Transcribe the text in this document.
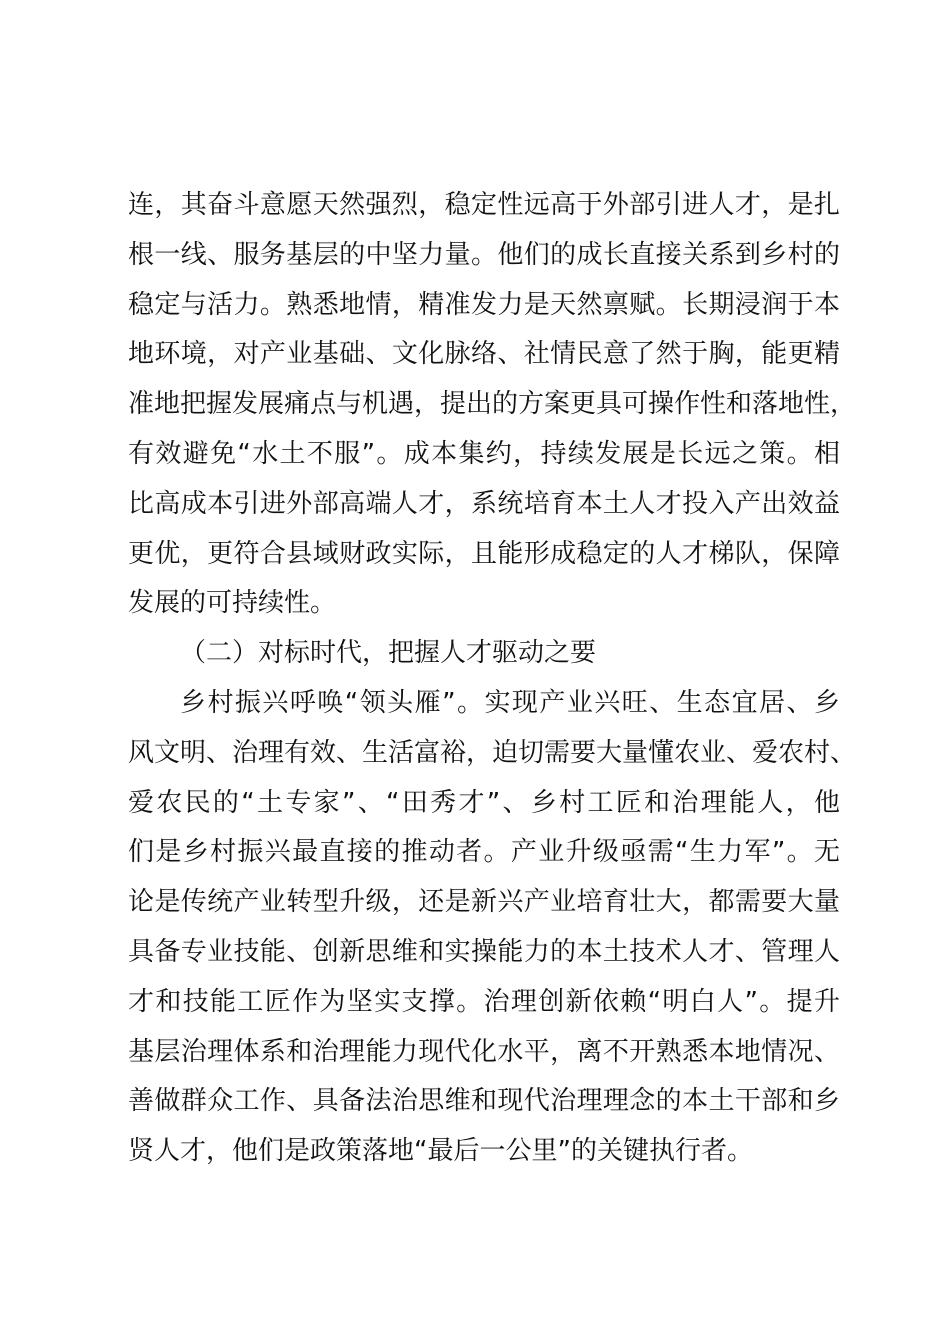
连，其奋斗意愿天然强烈，稳定性远高于外部引进人才，是扎
根一线、服务基层的中坚力量。他们的成长直接关系到乡村的
稳定与活力。熟悉地情，精准发力是天然禀赋。长期浸润于本
地环境，对产业基础、文化脉络、社情民意了然于胸，能更精
准地把握发展痛点与机遇，提出的方案更具可操作性和落地性，
有效避免“水土不服”。成本集约，持续发展是长远之策。相
比高成本引进外部高端人才，系统培育本土人才投入产出效益
更优，更符合县域财政实际，且能形成稳定的人才梯队，保障
发展的可持续性。
（二）对标时代，把握人才驱动之要
乡村振兴呼唤“领头雁”。实现产业兴旺、生态宜居、乡
风文明、治理有效、生活富裕，迫切需要大量懂农业、爱农村、
爱农民的“土专家”、“田秀才”、乡村工匠和治理能人，他
们是乡村振兴最直接的推动者。产业升级亟需“生力军”。无
论是传统产业转型升级，还是新兴产业培育壮大，都需要大量
具备专业技能、创新思维和实操能力的本土技术人才、管理人
才和技能工匠作为坚实支撑。治理创新依赖“明白人”。提升
基层治理体系和治理能力现代化水平，离不开熟悉本地情况、
善做群众工作、具备法治思维和现代治理理念的本土干部和乡
贤人才，他们是政策落地“最后一公里”的关键执行者。
